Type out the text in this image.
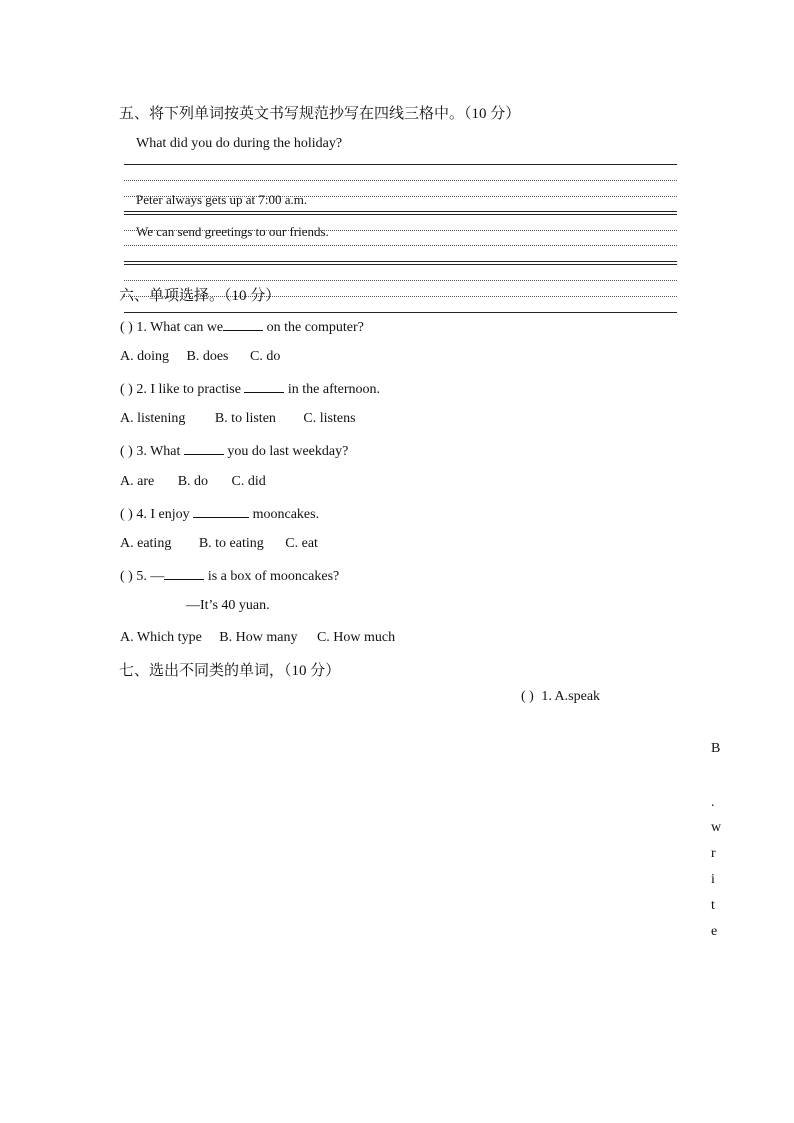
五、将下列单词按英文书写规范抄写在四线三格中。（10 分）
What did you do during the holiday?
Peter always gets up at 7:00 a.m.
We can send greetings to our friends.
六、单项选择。（10 分）
( ) 1. What can we	on the computer?
A. doing B. does C. do
( ) 2. I like to practise	in the afternoon.
A. listening B. to listen C. listens
( ) 3. What	you do last weekday?
A. are B. do C. did
( ) 4. I enjoy	mooncakes.
A. eating B. to eating C. eat
( ) 5. —	is a box of mooncakes?
—It’s 40 yuan.
A. Which type B. How many C. How much
七、选出不同类的单词，（10 分）
( ) 1. A.speak
B
.
w
r
i
t
e
